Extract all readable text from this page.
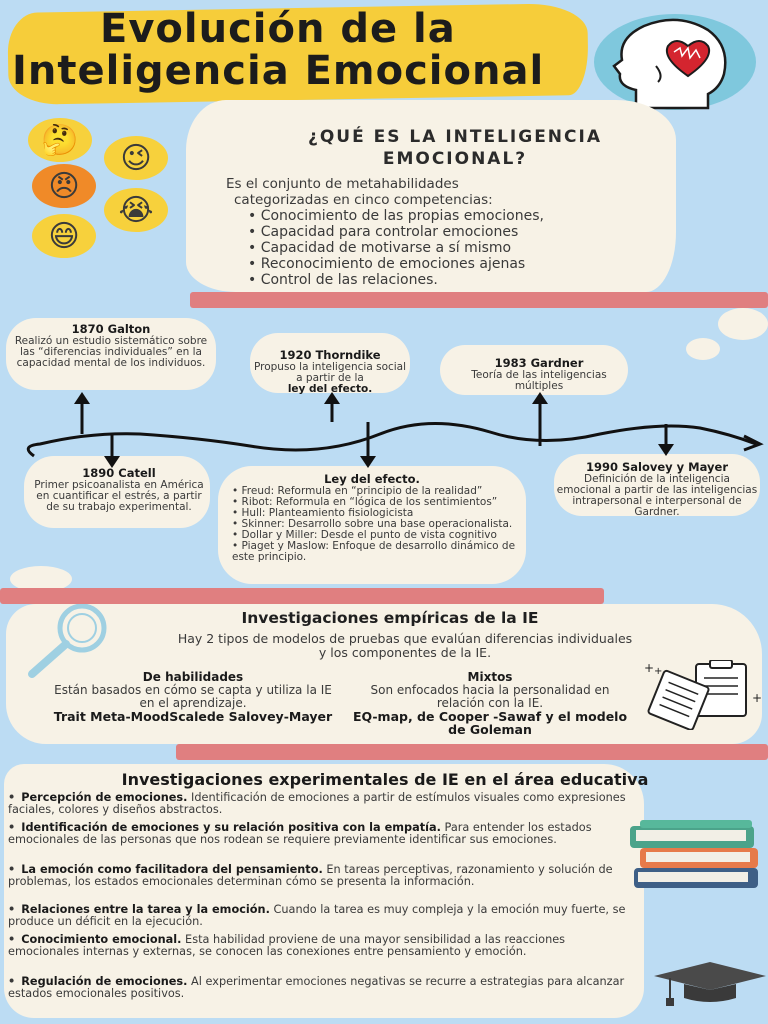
Evolución de la
Inteligencia Emocional
🤔
😉
😠
😭
😄
¿QUÉ ES LA INTELIGENCIA
EMOCIONAL?
Es el conjunto de metahabilidades
categorizadas en cinco competencias:
• Conocimiento de las propias emociones,
• Capacidad para controlar emociones
• Capacidad de motivarse a sí mismo
• Reconocimiento de emociones ajenas
• Control de las relaciones.
1870 Galton
Realizó un estudio sistemático sobre las “diferencias individuales” en la capacidad mental de los individuos.
1920 Thorndike
Propuso la inteligencia social a partir de la
ley del efecto.
1983 Gardner
Teoría de las inteligencias múltiples
1890 Catell
Primer psicoanalista en América en cuantificar el estrés, a partir de su trabajo experimental.
Ley del efecto.
• Freud: Reformula en “principio de la realidad”
• Ribot: Reformula en “lógica de los sentimientos”
• Hull: Planteamiento fisiologicista
• Skinner: Desarrollo sobre una base operacionalista.
• Dollar y Miller: Desde el punto de vista cognitivo
• Piaget y Maslow: Enfoque de desarrollo dinámico de este principio.
1990 Salovey y Mayer
Definición de la inteligencia emocional a partir de las inteligencias intrapersonal e interpersonal de Gardner.
Investigaciones empíricas de la IE
Hay 2 tipos de modelos de pruebas que evalúan diferencias individuales
y los componentes de la IE.
De habilidades
Están basados en cómo se capta y utiliza la IE en el aprendizaje.
Trait Meta-MoodScalede Salovey-Mayer
Mixtos
Son enfocados hacia la personalidad en relación con la IE.
EQ-map, de Cooper -Sawaf y el modelo de Goleman
+ +
+
Investigaciones experimentales de IE en el área educativa
• Percepción de emociones. Identificación de emociones a partir de estímulos visuales como expresiones faciales, colores y diseños abstractos.
• Identificación de emociones y su relación positiva con la empatía. Para entender los estados emocionales de las personas que nos rodean se requiere previamente identificar sus emociones.
• La emoción como facilitadora del pensamiento. En tareas perceptivas, razonamiento y solución de problemas, los estados emocionales determinan cómo se presenta la información.
• Relaciones entre la tarea y la emoción. Cuando la tarea es muy compleja y la emoción muy fuerte, se produce un déficit en la ejecución.
• Conocimiento emocional. Esta habilidad proviene de una mayor sensibilidad a las reacciones emocionales internas y externas, se conocen las conexiones entre pensamiento y emoción.
• Regulación de emociones. Al experimentar emociones negativas se recurre a estrategias para alcanzar estados emocionales positivos.
